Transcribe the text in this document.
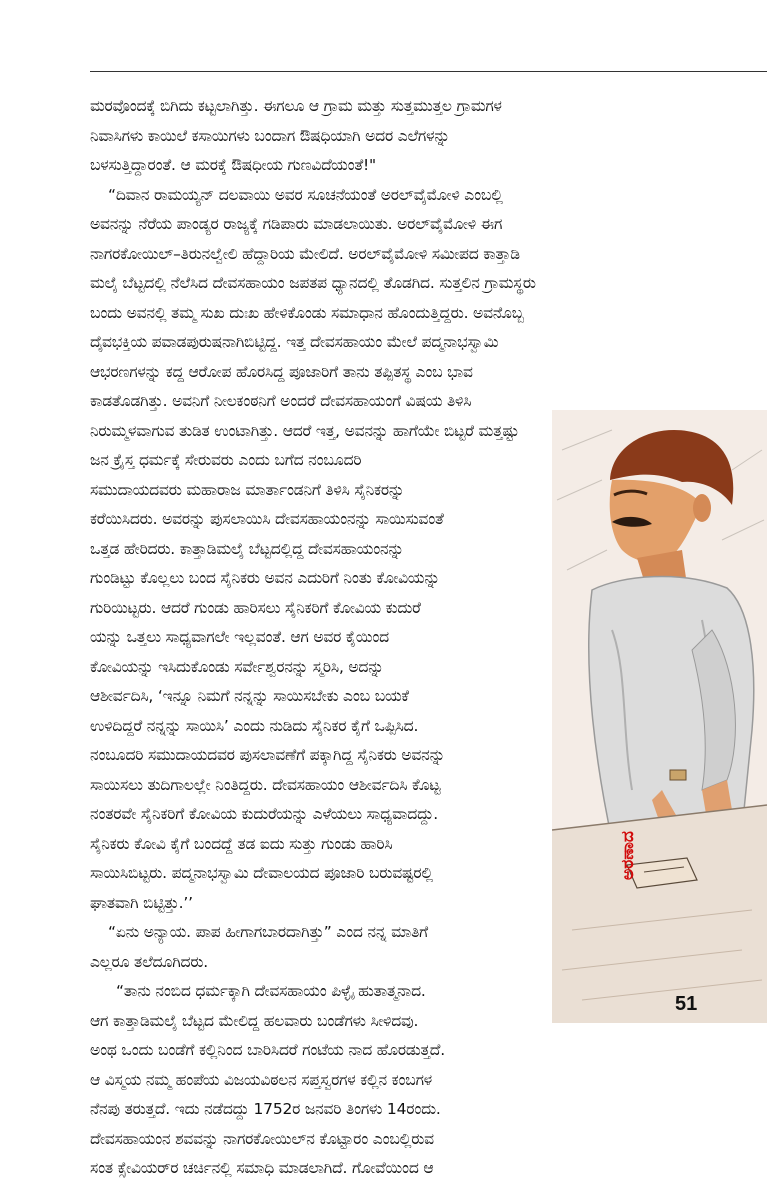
ಮರವೊಂದಕ್ಕೆ ಬಿಗಿದು ಕಟ್ಟಲಾಗಿತ್ತು. ಈಗಲೂ ಆ ಗ್ರಾಮ ಮತ್ತು ಸುತ್ತಮುತ್ತಲ ಗ್ರಾಮಗಳ
ನಿವಾಸಿಗಳು ಕಾಯಿಲೆ ಕಸಾಯಿಗಳು ಬಂದಾಗ ಔಷಧಿಯಾಗಿ ಅದರ ಎಲೆಗಳನ್ನು
ಬಳಸುತ್ತಿದ್ದಾರಂತೆ. ಆ ಮರಕ್ಕೆ ಔಷಧೀಯ ಗುಣವಿದೆಯಂತೆ!"
“ದಿವಾನ ರಾಮಯ್ಯನ್ ದಲವಾಯಿ ಅವರ ಸೂಚನೆಯಂತೆ ಅರಲ್‌ವೈಮೋಳಿ ಎಂಬಲ್ಲಿ
ಅವನನ್ನು ನೆರೆಯ ಪಾಂಡ್ಯರ ರಾಜ್ಯಕ್ಕೆ ಗಡಿಪಾರು ಮಾಡಲಾಯಿತು. ಅರಲ್‌ವೈಮೋಳಿ ಈಗ
ನಾಗರಕೋಯಿಲ್–ತಿರುನಲ್ವೇಲಿ ಹೆದ್ದಾರಿಯ ಮೇಲಿದೆ. ಅರಲ್‌ವೈಮೋಳಿ ಸಮೀಪದ ಕಾತ್ತಾಡಿ
ಮಲೈ ಬೆಟ್ಟದಲ್ಲಿ ನೆಲೆಸಿದ ದೇವಸಹಾಯಂ ಜಪತಪ ಧ್ಯಾನದಲ್ಲಿ ತೊಡಗಿದ. ಸುತ್ತಲಿನ ಗ್ರಾಮಸ್ಥರು
ಬಂದು ಅವನಲ್ಲಿ ತಮ್ಮ ಸುಖ ದುಃಖ ಹೇಳಿಕೊಂಡು ಸಮಾಧಾನ ಹೊಂದುತ್ತಿದ್ದರು. ಅವನೊಬ್ಬ
ದೈವಭಕ್ತಿಯ ಪವಾಡಪುರುಷನಾಗಿಬಿಟ್ಟಿದ್ದ. ಇತ್ತ ದೇವಸಹಾಯಂ ಮೇಲೆ ಪದ್ಮನಾಭಸ್ವಾಮಿ
ಆಭರಣಗಳನ್ನು ಕದ್ದ ಆರೋಪ ಹೊರಸಿದ್ದ ಪೂಜಾರಿಗೆ ತಾನು ತಪ್ಪಿತಸ್ಥ ಎಂಬ ಭಾವ
ಕಾಡತೊಡಗಿತ್ತು. ಅವನಿಗೆ ನೀಲಕಂಠನಿಗೆ ಅಂದರೆ ದೇವಸಹಾಯಂಗೆ ವಿಷಯ ತಿಳಿಸಿ
ನಿರುಮ್ಮಳವಾಗುವ ತುಡಿತ ಉಂಟಾಗಿತ್ತು. ಆದರೆ ಇತ್ತ, ಅವನನ್ನು ಹಾಗೆಯೇ ಬಿಟ್ಟರೆ ಮತ್ತಷ್ಟು

ಜನ ಕ್ರೈಸ್ತ ಧರ್ಮಕ್ಕೆ ಸೇರುವರು ಎಂದು ಬಗೆದ ನಂಬೂದರಿ
ಸಮುದಾಯದವರು ಮಹಾರಾಜ ಮಾರ್ತಾಂಡನಿಗೆ ತಿಳಿಸಿ ಸೈನಿಕರನ್ನು
ಕರೆಯಿಸಿದರು. ಅವರನ್ನು ಪುಸಲಾಯಿಸಿ ದೇವಸಹಾಯಂನನ್ನು ಸಾಯಿಸುವಂತೆ
ಒತ್ತಡ ಹೇರಿದರು. ಕಾತ್ತಾಡಿಮಲೈ ಬೆಟ್ಟದಲ್ಲಿದ್ದ ದೇವಸಹಾಯಂನನ್ನು
ಗುಂಡಿಟ್ಟು ಕೊಲ್ಲಲು ಬಂದ ಸೈನಿಕರು ಅವನ ಎದುರಿಗೆ ನಿಂತು ಕೋವಿಯನ್ನು
ಗುರಿಯಿಟ್ಟರು. ಆದರೆ ಗುಂಡು ಹಾರಿಸಲು ಸೈನಿಕರಿಗೆ ಕೋವಿಯ ಕುದುರೆ
ಯನ್ನು ಒತ್ತಲು ಸಾಧ್ಯವಾಗಲೇ ಇಲ್ಲವಂತೆ. ಆಗ ಅವರ ಕೈಯಿಂದ
ಕೋವಿಯನ್ನು ಇಸಿದುಕೊಂಡು ಸರ್ವೇಶ್ವರನನ್ನು ಸ್ಮರಿಸಿ, ಅದನ್ನು
ಆಶೀರ್ವದಿಸಿ, ‘ಇನ್ನೂ ನಿಮಗೆ ನನ್ನನ್ನು ಸಾಯಿಸಬೇಕು ಎಂಬ ಬಯಕೆ
ಉಳಿದಿದ್ದರೆ ನನ್ನನ್ನು ಸಾಯಿಸಿ’ ಎಂದು ನುಡಿದು ಸೈನಿಕರ ಕೈಗೆ ಒಪ್ಪಿಸಿದ.
ನಂಬೂದರಿ ಸಮುದಾಯದವರ ಪುಸಲಾವಣೆಗೆ ಪಕ್ಕಾಗಿದ್ದ ಸೈನಿಕರು ಅವನನ್ನು
ಸಾಯಿಸಲು ತುದಿಗಾಲಲ್ಲೇ ನಿಂತಿದ್ದರು. ದೇವಸಹಾಯಂ ಆಶೀರ್ವದಿಸಿ ಕೊಟ್ಟ
ನಂತರವೇ ಸೈನಿಕರಿಗೆ ಕೋವಿಯ ಕುದುರೆಯನ್ನು ಎಳೆಯಲು ಸಾಧ್ಯವಾದದ್ದು.
ಸೈನಿಕರು ಕೋವಿ ಕೈಗೆ ಬಂದದ್ದೆ ತಡ ಐದು ಸುತ್ತು ಗುಂಡು ಹಾರಿಸಿ
ಸಾಯಿಸಿಬಿಟ್ಟರು. ಪದ್ಮನಾಭಸ್ವಾಮಿ ದೇವಾಲಯದ ಪೂಜಾರಿ ಬರುವಷ್ಟರಲ್ಲಿ
ಘಾತವಾಗಿ ಬಿಟ್ಟಿತ್ತು.’’
“ಏನು ಅನ್ಯಾಯ. ಪಾಪ ಹೀಗಾಗಬಾರದಾಗಿತ್ತು” ಎಂದ ನನ್ನ ಮಾತಿಗೆ
ಎಲ್ಲರೂ ತಲೆದೂಗಿದರು.
“ತಾನು ನಂಬಿದ ಧರ್ಮಕ್ಕಾಗಿ ದೇವಸಹಾಯಂ ಪಿಳ್ಳೈ ಹುತಾತ್ಮನಾದ.
ಆಗ ಕಾತ್ತಾಡಿಮಲೈ ಬೆಟ್ಟದ ಮೇಲಿದ್ದ ಹಲವಾರು ಬಂಡೆಗಳು ಸೀಳಿದವು.
ಅಂಥ ಒಂದು ಬಂಡೆಗೆ ಕಲ್ಲಿನಿಂದ ಬಾರಿಸಿದರೆ ಗಂಟೆಯ ನಾದ ಹೊರಡುತ್ತದೆ.
ಆ ವಿಸ್ಮಯ ನಮ್ಮ ಹಂಪೆಯ ವಿಜಯವಿಠಲನ ಸಪ್ತಸ್ವರಗಳ ಕಲ್ಲಿನ ಕಂಬಗಳ
ನೆನಪು ತರುತ್ತದೆ. ಇದು ನಡೆದದ್ದು 1752ರ ಜನವರಿ ತಿಂಗಳು 14ರಂದು.
ದೇವಸಹಾಯಂನ ಶವವನ್ನು ನಾಗರಕೋಯಿಲ್‌ನ ಕೊಟ್ಟಾರಂ ಎಂಬಲ್ಲಿರುವ
ಸಂತ ಕ್ಸೇವಿಯರ್‌ರ ಚರ್ಚಿನಲ್ಲಿ ಸಮಾಧಿ ಮಾಡಲಾಗಿದೆ. ಗೋವೆಯಿಂದ ಆ

ಅರಣಾದ
51
